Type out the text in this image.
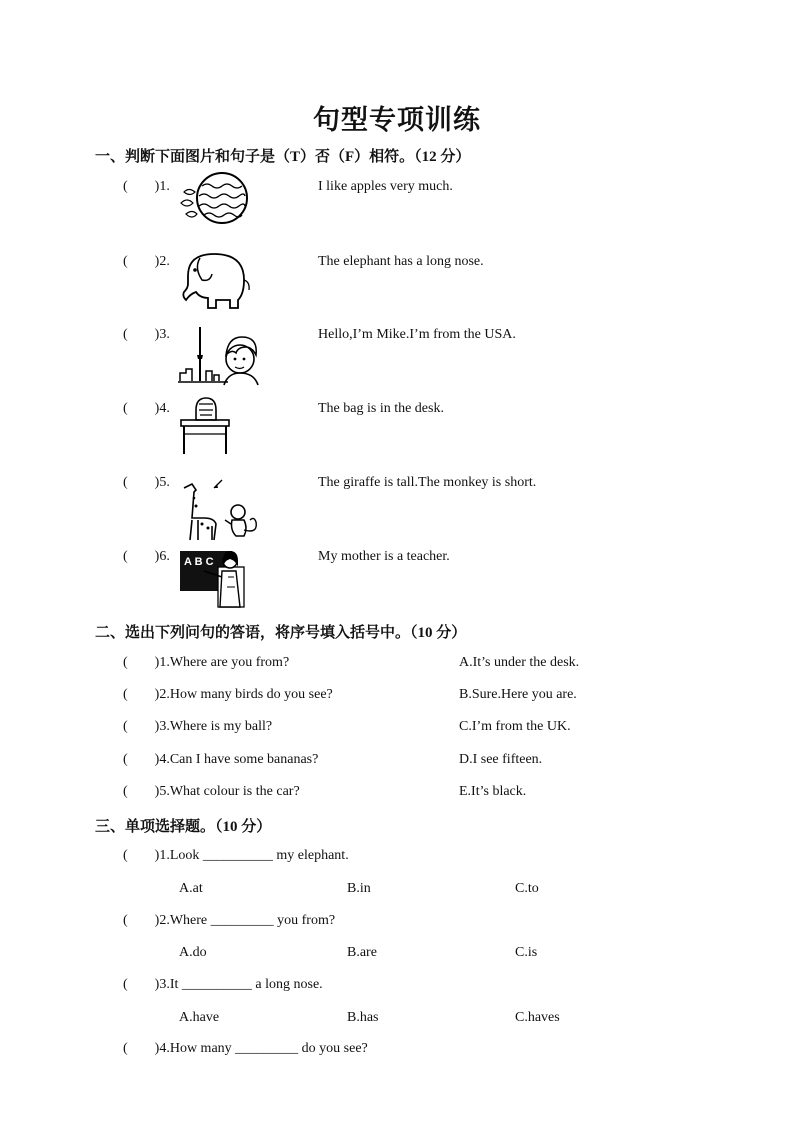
句型专项训练
一、判断下面图片和句子是（T）否（F）相符。（12 分）
( )1.	I like apples very much.
( )2.	The elephant has a long nose.
( )3.	Hello,I’m Mike.I’m from the USA.
( )4.	The bag is in the desk.
( )5.	The giraffe is tall.The monkey is short.
( )6. A B C	My mother is a teacher.
二、选出下列问句的答语，将序号填入括号中。（10 分）
( )1.Where are you from?	A.It’s under the desk.
( )2.How many birds do you see?	B.Sure.Here you are.
( )3.Where is my ball?	C.I’m from the UK.
( )4.Can I have some bananas?	D.I see fifteen.
( )5.What colour is the car?	E.It’s black.
三、单项选择题。（10 分）
( )1.Look __________ my elephant.
A.at	B.in	C.to
( )2.Where _________ you from?
A.do	B.are	C.is
( )3.It __________ a long nose.
A.have	B.has	C.haves
( )4.How many _________ do you see?
